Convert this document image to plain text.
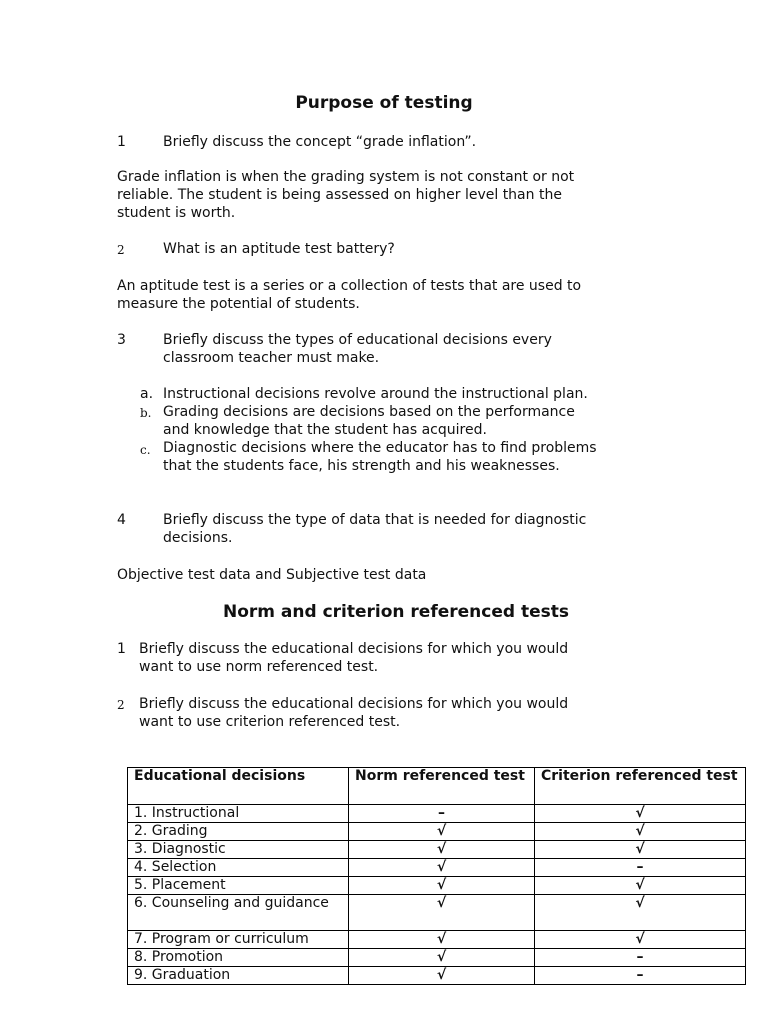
Purpose of testing
1	Briefly discuss the concept “grade inflation”.
Grade inflation is when the grading system is not constant or not
reliable. The student is being assessed on higher level than the
student is worth.
2	What is an aptitude test battery?
An aptitude test is a series or a collection of tests that are used to
measure the potential of students.
3	Briefly discuss the types of educational decisions every
classroom teacher must make.
a. Instructional decisions revolve around the instructional plan.
b. Grading decisions are decisions based on the performance
and knowledge that the student has acquired.
c. Diagnostic decisions where the educator has to find problems
that the students face, his strength and his weaknesses.
4	Briefly discuss the type of data that is needed for diagnostic
decisions.
Objective test data and Subjective test data
Norm and criterion referenced tests
1 Briefly discuss the educational decisions for which you would
want to use norm referenced test.
2 Briefly discuss the educational decisions for which you would
want to use criterion referenced test.
Educational decisions	Norm referenced test	Criterion referenced test
1. Instructional	–	√
2. Grading	√	√
3. Diagnostic	√	√
4. Selection	√	–
5. Placement	√	√
6. Counseling and guidance	√	√
7. Program or curriculum	√	√
8. Promotion	√	–
9. Graduation	√	–
